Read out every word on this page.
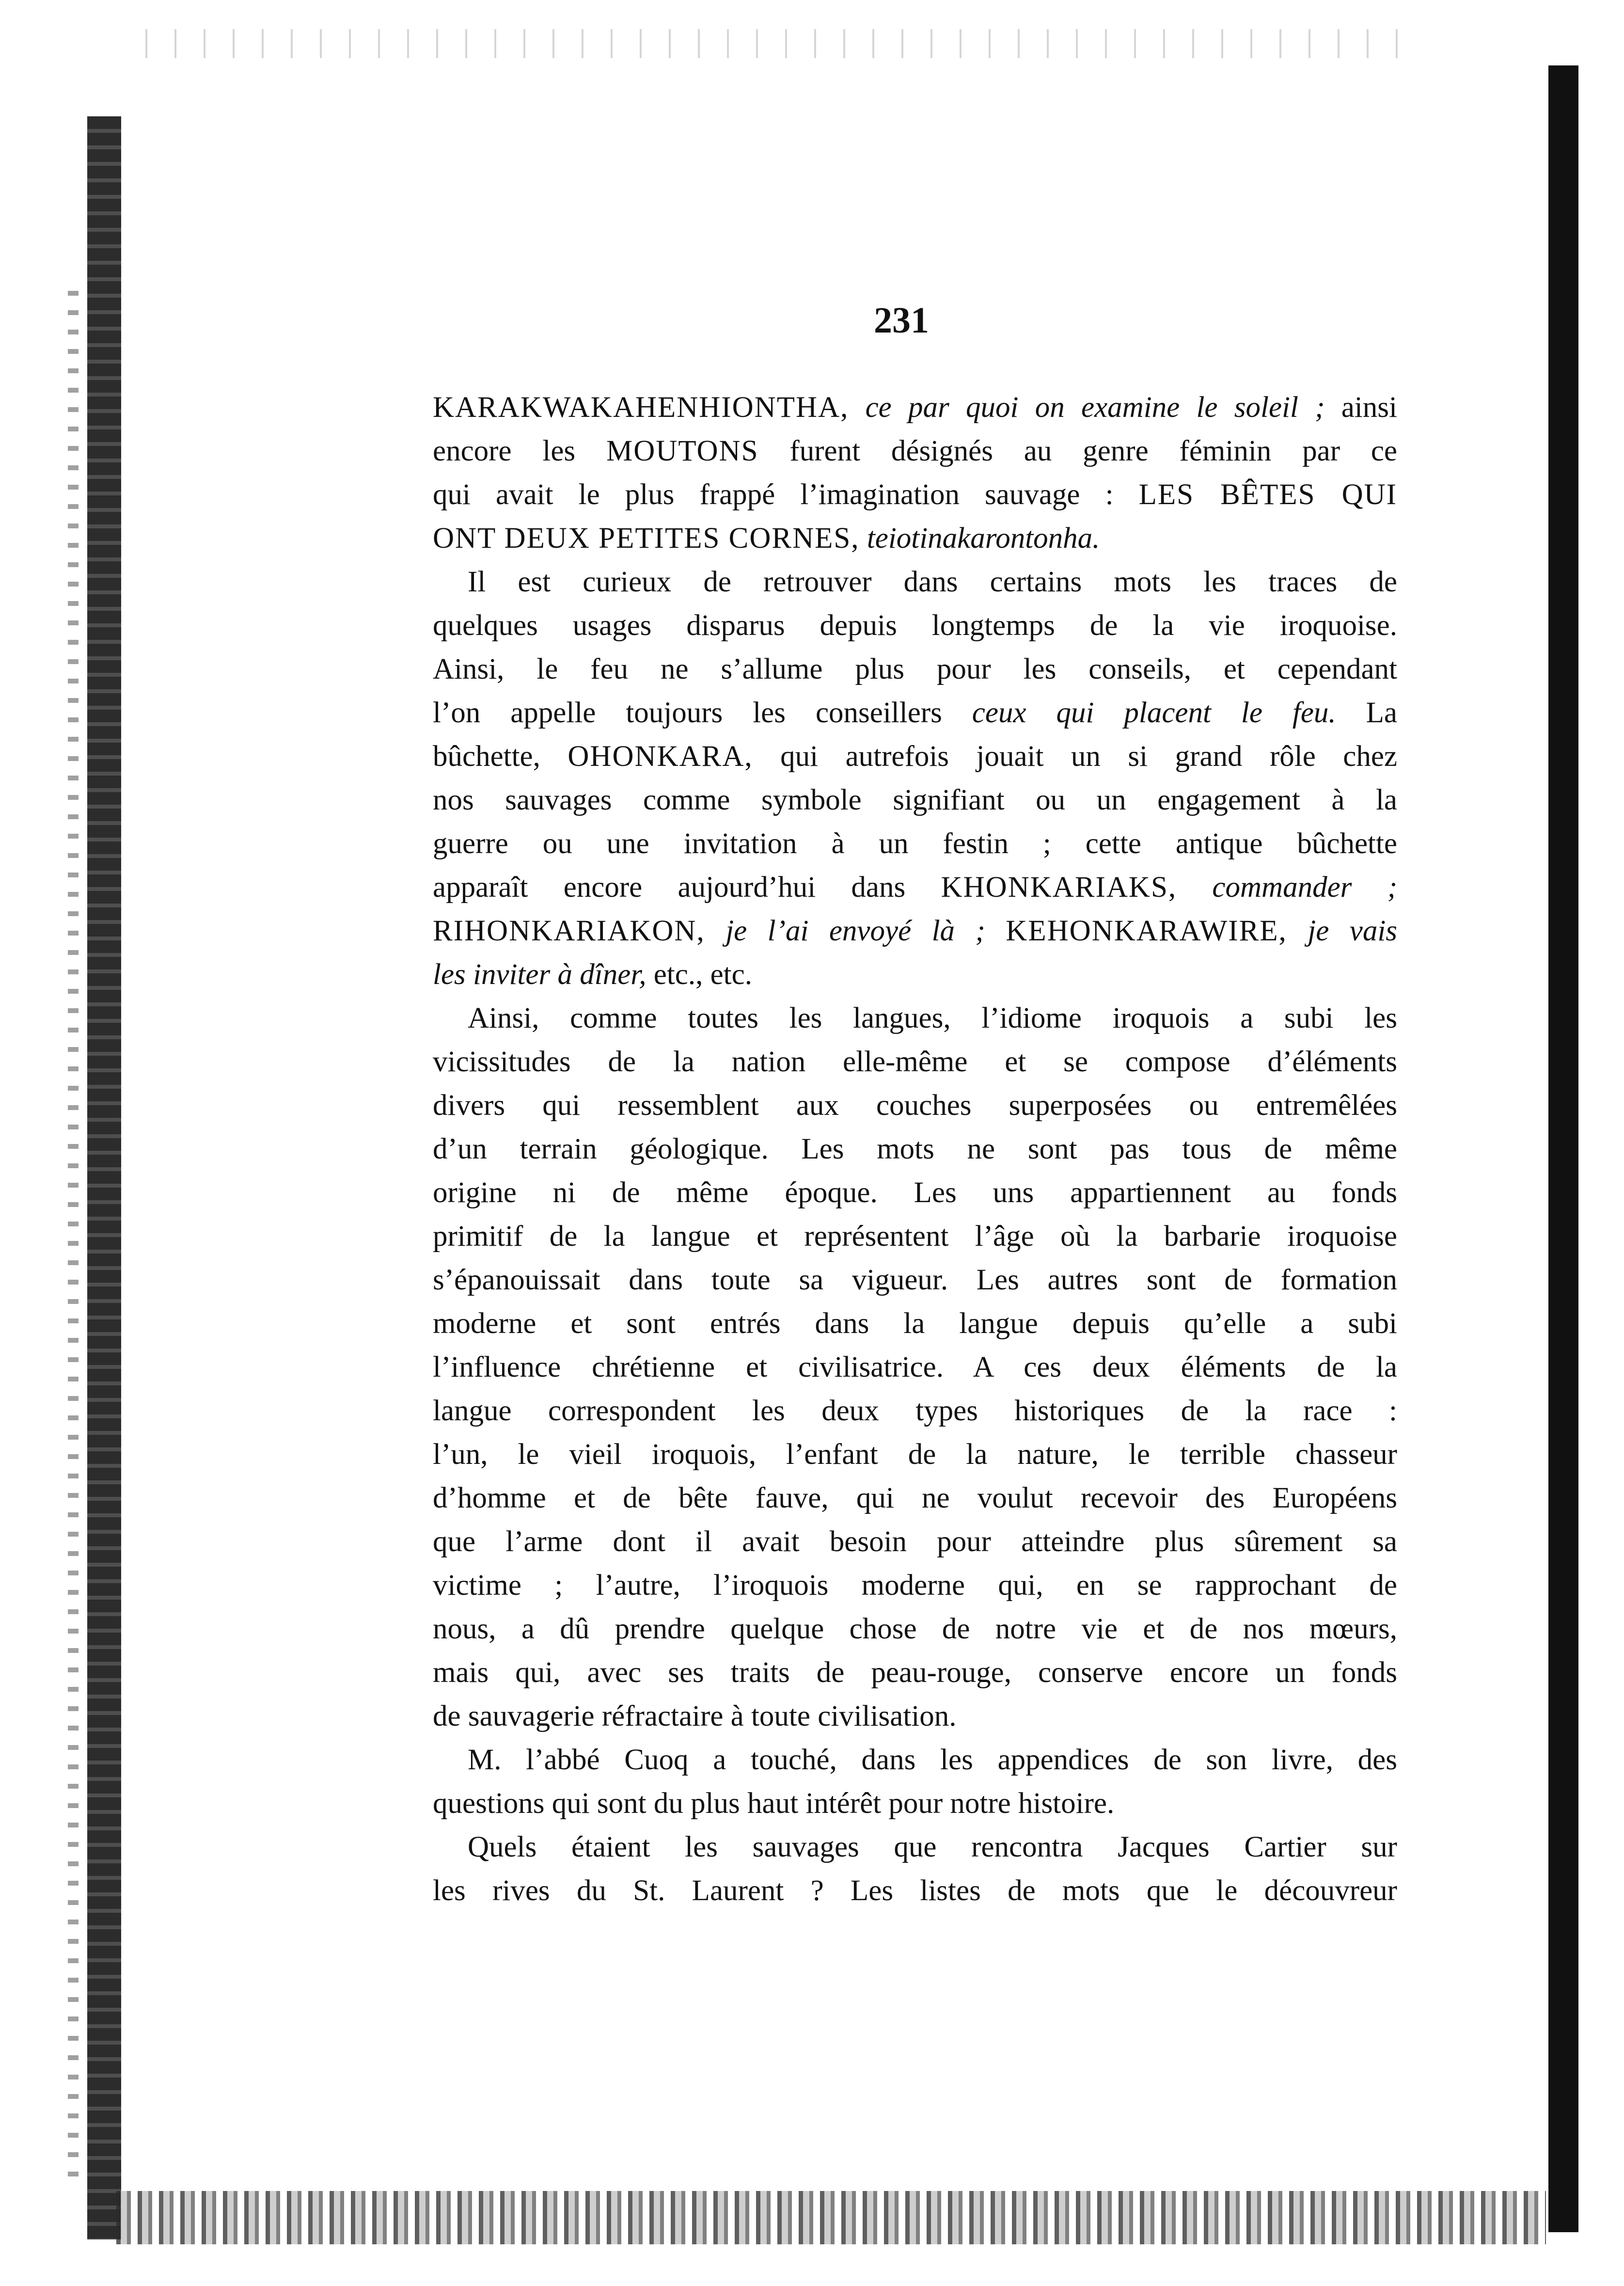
231
KARAKWAKAHENHIONTHA, ce par quoi on examine le soleil ; ainsi
encore les MOUTONS furent désignés au genre féminin par ce
qui avait le plus frappé l’imagination sauvage : LES BÊTES QUI
ONT DEUX PETITES CORNES, teiotinakarontonha.
Il est curieux de retrouver dans certains mots les traces de
quelques usages disparus depuis longtemps de la vie iroquoise.
Ainsi, le feu ne s’allume plus pour les conseils, et cependant
l’on appelle toujours les conseillers ceux qui placent le feu. La
bûchette, OHONKARA, qui autrefois jouait un si grand rôle chez
nos sauvages comme symbole signifiant ou un engagement à la
guerre ou une invitation à un festin ; cette antique bûchette
apparaît encore aujourd’hui dans KHONKARIAKS, commander ;
RIHONKARIAKON, je l’ai envoyé là ; KEHONKARAWIRE, je vais
les inviter à dîner, etc., etc.
Ainsi, comme toutes les langues, l’idiome iroquois a subi les
vicissitudes de la nation elle-même et se compose d’éléments
divers qui ressemblent aux couches superposées ou entremêlées
d’un terrain géologique. Les mots ne sont pas tous de même
origine ni de même époque. Les uns appartiennent au fonds
primitif de la langue et représentent l’âge où la barbarie iroquoise
s’épanouissait dans toute sa vigueur. Les autres sont de formation
moderne et sont entrés dans la langue depuis qu’elle a subi
l’influence chrétienne et civilisatrice. A ces deux éléments de la
langue correspondent les deux types historiques de la race :
l’un, le vieil iroquois, l’enfant de la nature, le terrible chasseur
d’homme et de bête fauve, qui ne voulut recevoir des Européens
que l’arme dont il avait besoin pour atteindre plus sûrement sa
victime ; l’autre, l’iroquois moderne qui, en se rapprochant de
nous, a dû prendre quelque chose de notre vie et de nos mœurs,
mais qui, avec ses traits de peau-rouge, conserve encore un fonds
de sauvagerie réfractaire à toute civilisation.
M. l’abbé Cuoq a touché, dans les appendices de son livre, des
questions qui sont du plus haut intérêt pour notre histoire.
Quels étaient les sauvages que rencontra Jacques Cartier sur
les rives du St. Laurent ? Les listes de mots que le découvreur
